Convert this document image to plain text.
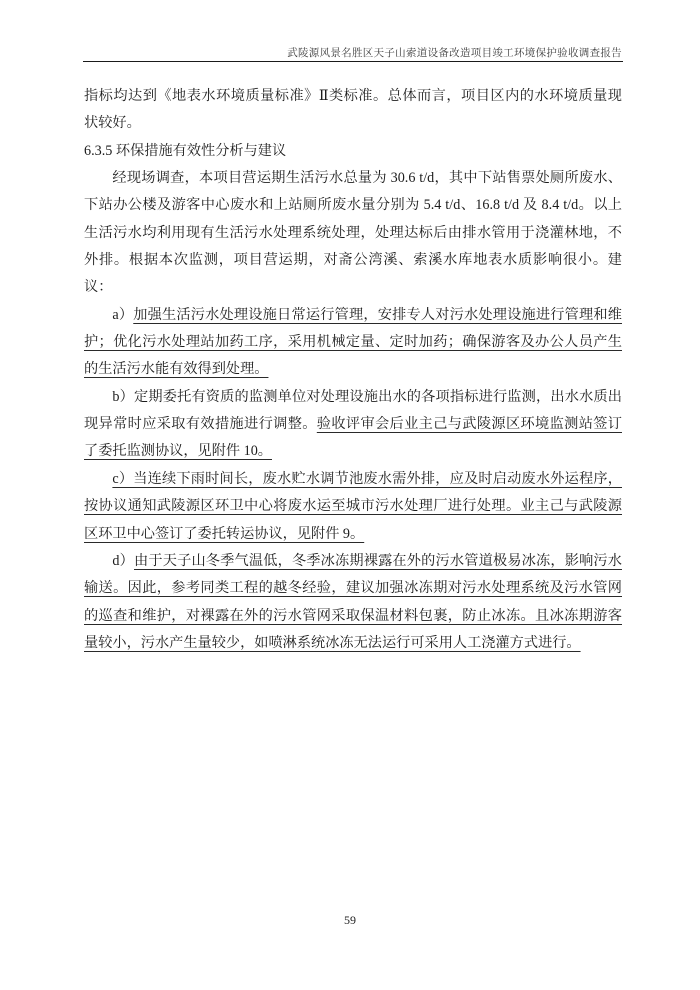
武陵源风景名胜区天子山索道设备改造项目竣工环境保护验收调查报告
指标均达到《地表水环境质量标准》Ⅱ类标准。总体而言，项目区内的水环境质量现
状较好。
6.3.5 环保措施有效性分析与建议
经现场调查，本项目营运期生活污水总量为 30.6 t/d，其中下站售票处厕所废水、
下站办公楼及游客中心废水和上站厕所废水量分别为 5.4 t/d、16.8 t/d 及 8.4 t/d。以上
生活污水均利用现有生活污水处理系统处理，处理达标后由排水管用于浇灌林地，不
外排。根据本次监测，项目营运期，对斋公湾溪、索溪水库地表水质影响很小。建
议：
a）加强生活污水处理设施日常运行管理，安排专人对污水处理设施进行管理和维
护；优化污水处理站加药工序，采用机械定量、定时加药；确保游客及办公人员产生
的生活污水能有效得到处理。
b）定期委托有资质的监测单位对处理设施出水的各项指标进行监测，出水水质出
现异常时应采取有效措施进行调整。验收评审会后业主己与武陵源区环境监测站签订
了委托监测协议，见附件 10。
c）当连续下雨时间长，废水贮水调节池废水需外排，应及时启动废水外运程序，
按协议通知武陵源区环卫中心将废水运至城市污水处理厂进行处理。业主己与武陵源
区环卫中心签订了委托转运协议，见附件 9。
d）由于天子山冬季气温低，冬季冰冻期裸露在外的污水管道极易冰冻，影响污水
输送。因此，参考同类工程的越冬经验，建议加强冰冻期对污水处理系统及污水管网
的巡查和维护，对裸露在外的污水管网采取保温材料包裹，防止冰冻。且冰冻期游客
量较小，污水产生量较少，如喷淋系统冰冻无法运行可采用人工浇灌方式进行。
59
